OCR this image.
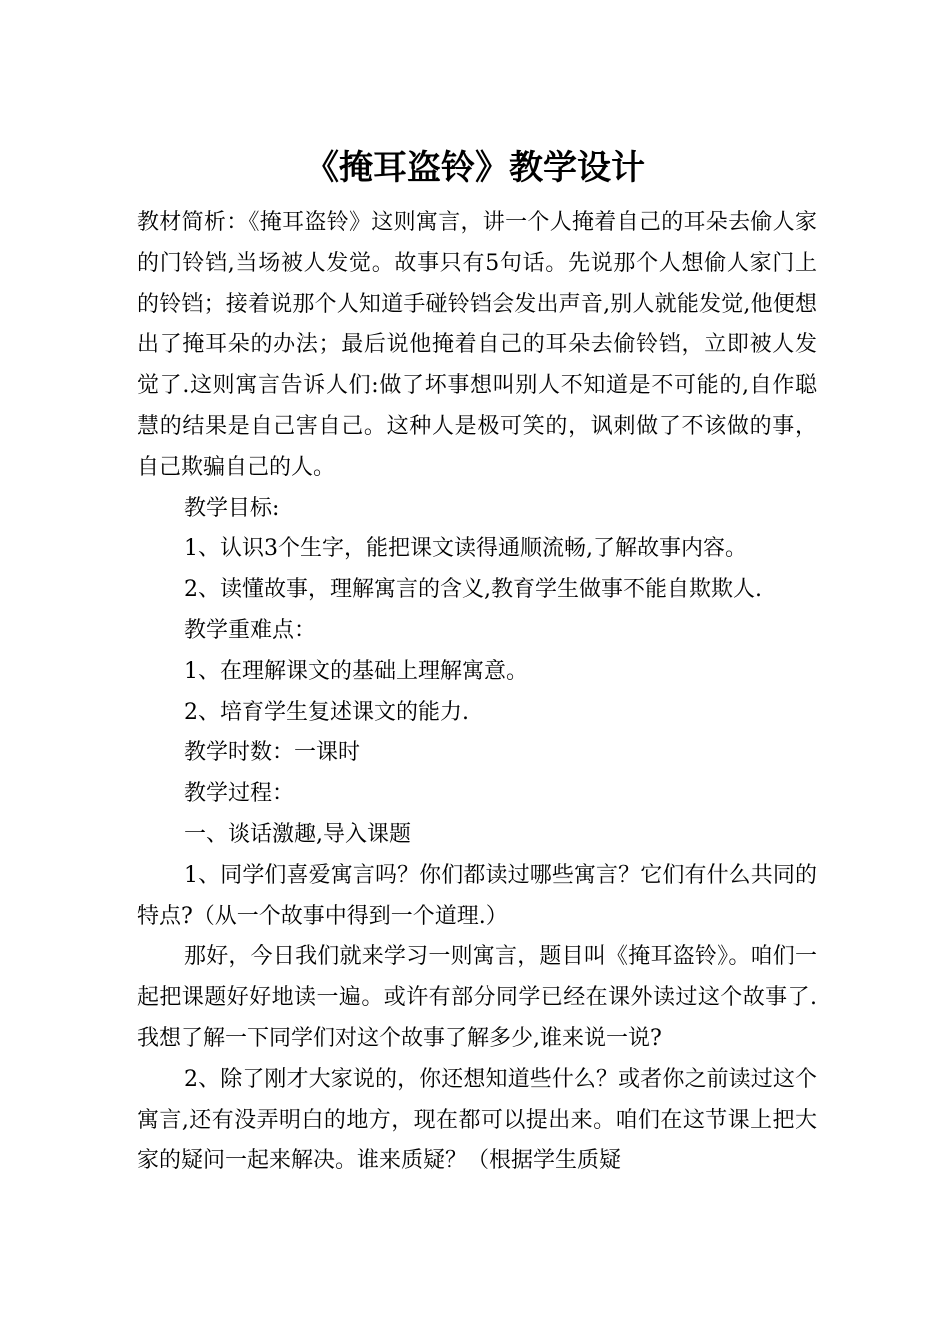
《掩耳盗铃》教学设计

教材简析：《掩耳盗铃》这则寓言，讲一个人掩着自己的耳朵去偷人家的门铃铛,当场被人发觉。故事只有5句话。先说那个人想偷人家门上的铃铛；接着说那个人知道手碰铃铛会发出声音,别人就能发觉,他便想出了掩耳朵的办法；最后说他掩着自己的耳朵去偷铃铛，立即被人发觉了.这则寓言告诉人们:做了坏事想叫别人不知道是不可能的,自作聪慧的结果是自己害自己。这种人是极可笑的，讽刺做了不该做的事，自己欺骗自己的人。

教学目标:

1、认识3个生字，能把课文读得通顺流畅,了解故事内容。

2、读懂故事，理解寓言的含义,教育学生做事不能自欺欺人.

教学重难点：

1、在理解课文的基础上理解寓意。

2、培育学生复述课文的能力.

教学时数：一课时

教学过程：

一、谈话激趣,导入课题

1、同学们喜爱寓言吗？你们都读过哪些寓言？它们有什么共同的特点?（从一个故事中得到一个道理.）

那好，今日我们就来学习一则寓言，题目叫《掩耳盗铃》。咱们一起把课题好好地读一遍。或许有部分同学已经在课外读过这个故事了.我想了解一下同学们对这个故事了解多少,谁来说一说?

2、除了刚才大家说的，你还想知道些什么？或者你之前读过这个寓言,还有没弄明白的地方，现在都可以提出来。咱们在这节课上把大家的疑问一起来解决。谁来质疑？（根据学生质疑
